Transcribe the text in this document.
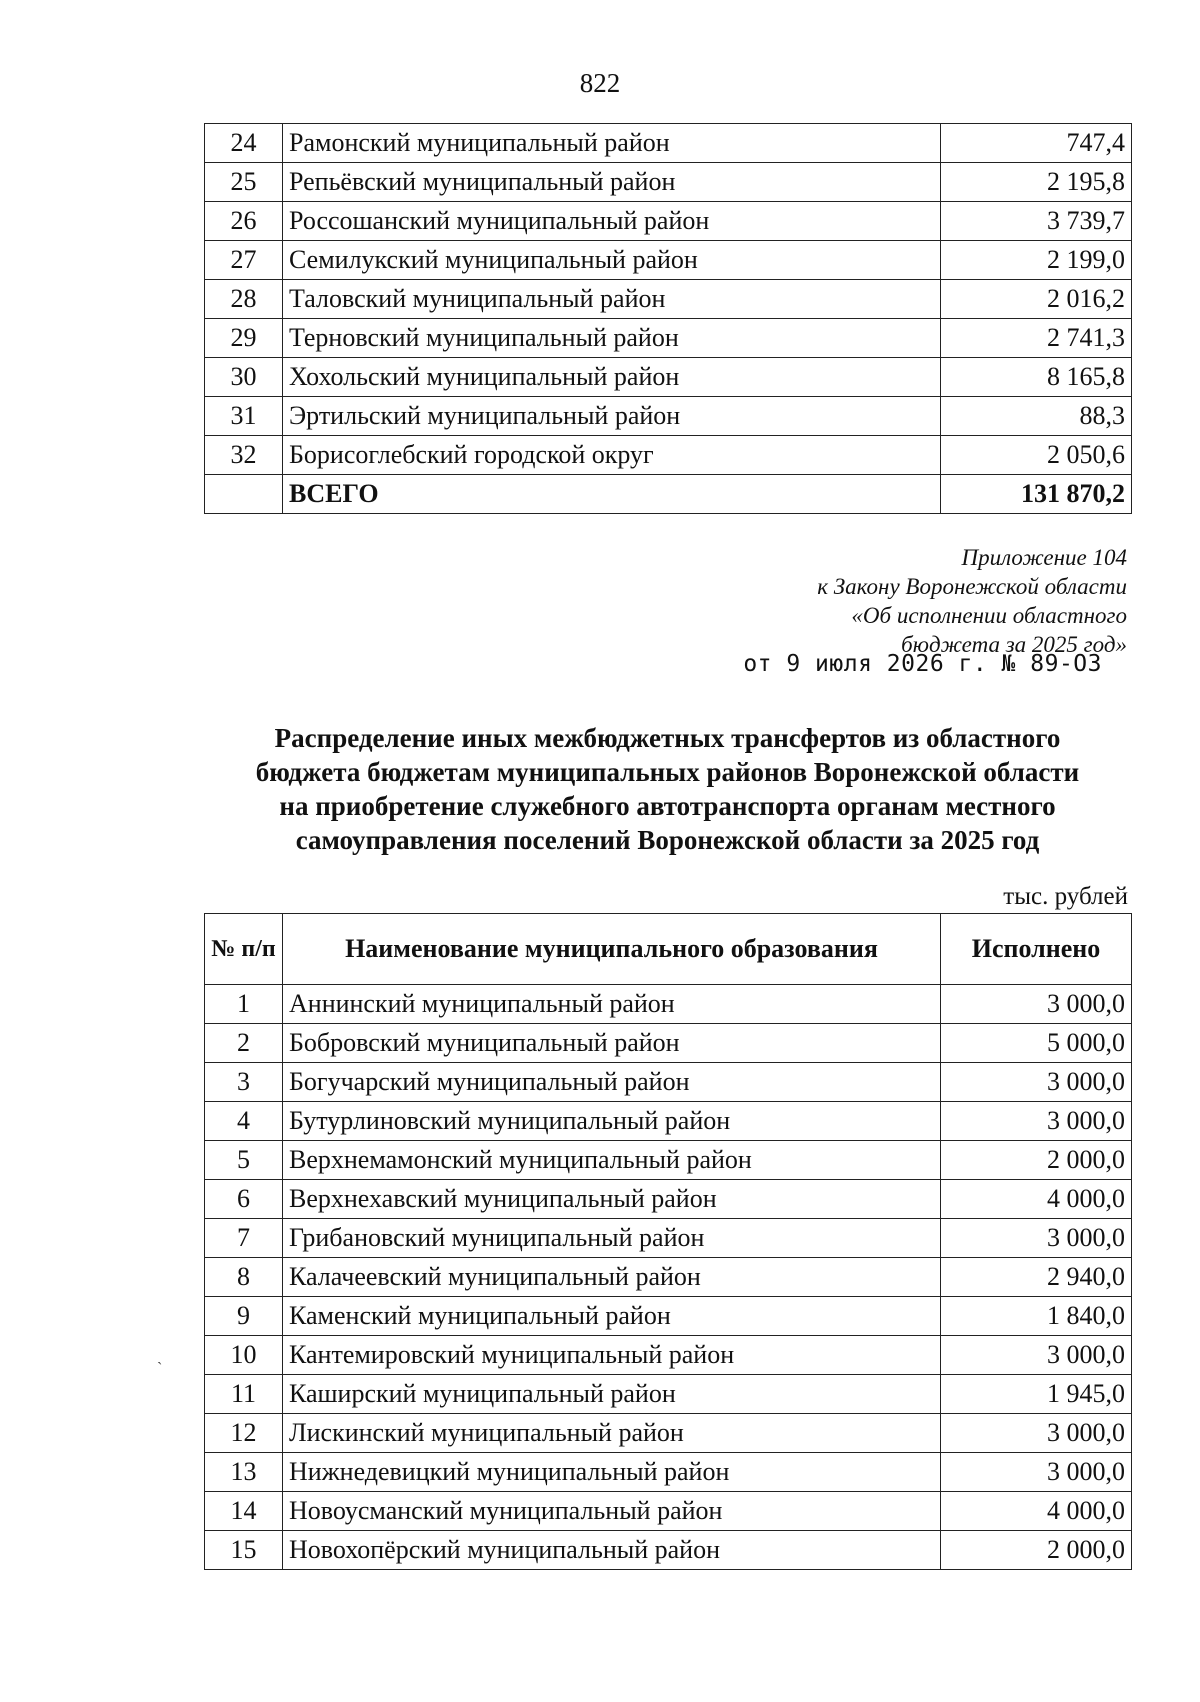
822
24	Рамонский муниципальный район	747,4
25	Репьёвский муниципальный район	2 195,8
26	Россошанский муниципальный район	3 739,7
27	Семилукский муниципальный район	2 199,0
28	Таловский муниципальный район	2 016,2
29	Терновский муниципальный район	2 741,3
30	Хохольский муниципальный район	8 165,8
31	Эртильский муниципальный район	88,3
32	Борисоглебский городской округ	2 050,6
	ВСЕГО	131 870,2
Приложение 104
к Закону Воронежской области
«Об исполнении областного
бюджета за 2025 год»
от 9 июля 2026 г. № 89-ОЗ
Распределение иных межбюджетных трансфертов из областного
бюджета бюджетам муниципальных районов Воронежской области
на приобретение служебного автотранспорта органам местного
самоуправления поселений Воронежской области за 2025 год
тыс. рублей
№ п/п	Наименование муниципального образования	Исполнено
1	Аннинский муниципальный район	3 000,0
2	Бобровский муниципальный район	5 000,0
3	Богучарский муниципальный район	3 000,0
4	Бутурлиновский муниципальный район	3 000,0
5	Верхнемамонский муниципальный район	2 000,0
6	Верхнехавский муниципальный район	4 000,0
7	Грибановский муниципальный район	3 000,0
8	Калачеевский муниципальный район	2 940,0
9	Каменский муниципальный район	1 840,0
10	Кантемировский муниципальный район	3 000,0
11	Каширский муниципальный район	1 945,0
12	Лискинский муниципальный район	3 000,0
13	Нижнедевицкий муниципальный район	3 000,0
14	Новоусманский муниципальный район	4 000,0
15	Новохопёрский муниципальный район	2 000,0
ˏ
